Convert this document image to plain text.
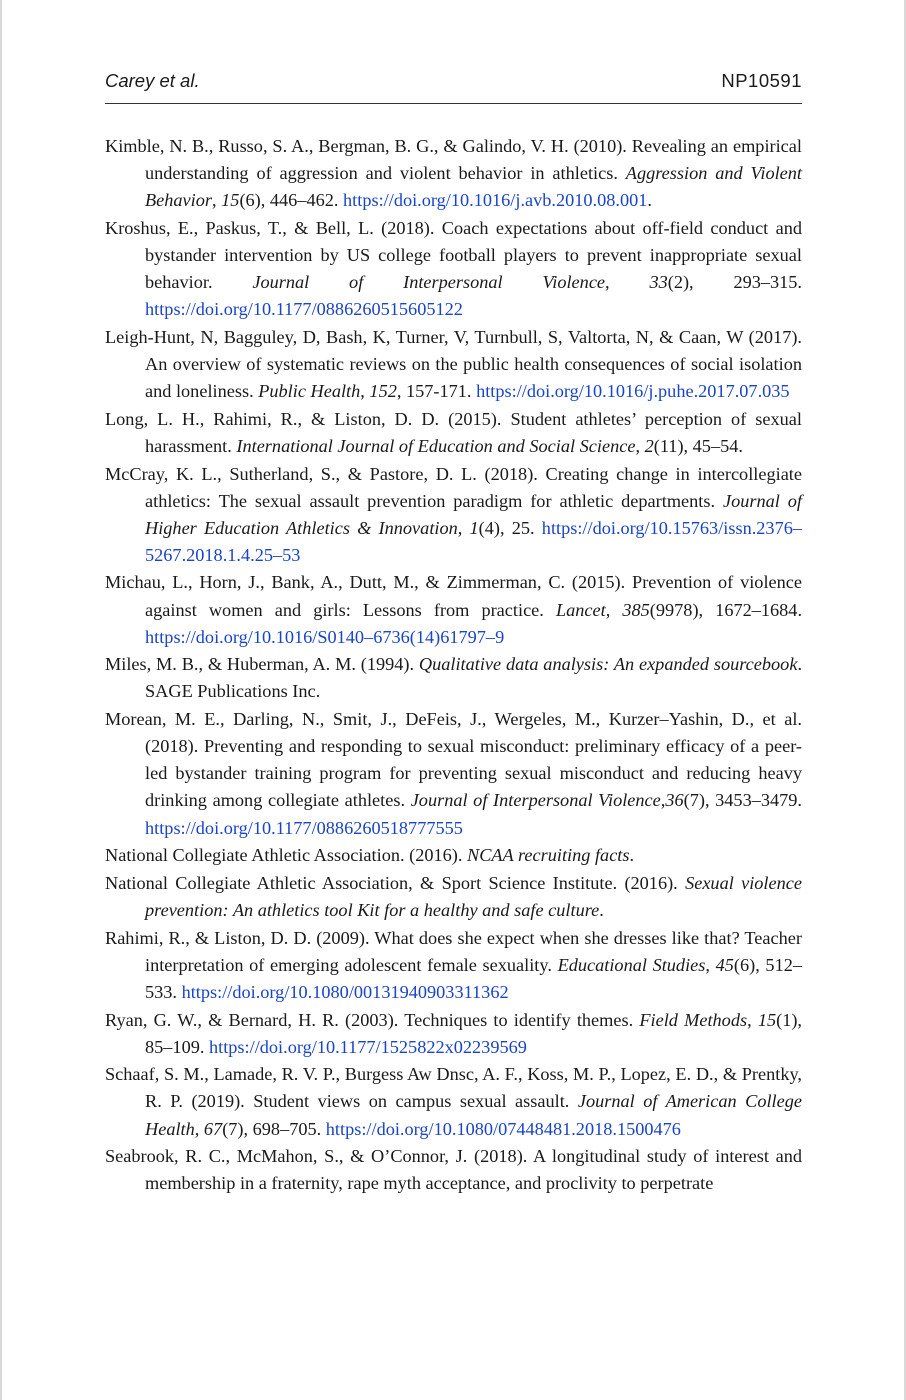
Carey et al.	NP10591

Kimble, N. B., Russo, S. A., Bergman, B. G., & Galindo, V. H. (2010). Revealing an empirical understanding of aggression and violent behavior in athletics. Aggression and Violent Behavior, 15(6), 446–462. https://doi.org/10.1016/j.avb.2010.08.001.

Kroshus, E., Paskus, T., & Bell, L. (2018). Coach expectations about off-field conduct and bystander intervention by US college football players to prevent inappropriate sexual behavior. Journal of Interpersonal Violence, 33(2), 293–315. https://doi.org/10.1177/0886260515605122

Leigh-Hunt, N, Bagguley, D, Bash, K, Turner, V, Turnbull, S, Valtorta, N, & Caan, W (2017). An overview of systematic reviews on the public health consequences of social isolation and loneliness. Public Health, 152, 157-171. https://doi.org/10.1016/j.puhe.2017.07.035

Long, L. H., Rahimi, R., & Liston, D. D. (2015). Student athletes’ perception of sexual harassment. International Journal of Education and Social Science, 2(11), 45–54.

McCray, K. L., Sutherland, S., & Pastore, D. L. (2018). Creating change in intercollegiate athletics: The sexual assault prevention paradigm for athletic departments. Journal of Higher Education Athletics & Innovation, 1(4), 25. https://doi.org/10.15763/issn.2376–5267.2018.1.4.25–53

Michau, L., Horn, J., Bank, A., Dutt, M., & Zimmerman, C. (2015). Prevention of violence against women and girls: Lessons from practice. Lancet, 385(9978), 1672–1684. https://doi.org/10.1016/S0140–6736(14)61797–9

Miles, M. B., & Huberman, A. M. (1994). Qualitative data analysis: An expanded sourcebook. SAGE Publications Inc.

Morean, M. E., Darling, N., Smit, J., DeFeis, J., Wergeles, M., Kurzer–Yashin, D., et al. (2018). Preventing and responding to sexual misconduct: preliminary efficacy of a peer-led bystander training program for preventing sexual misconduct and reducing heavy drinking among collegiate athletes. Journal of Interpersonal Violence,36(7), 3453–3479. https://doi.org/10.1177/0886260518777555

National Collegiate Athletic Association. (2016). NCAA recruiting facts.

National Collegiate Athletic Association, & Sport Science Institute. (2016). Sexual violence prevention: An athletics tool Kit for a healthy and safe culture.

Rahimi, R., & Liston, D. D. (2009). What does she expect when she dresses like that? Teacher interpretation of emerging adolescent female sexuality. Educational Studies, 45(6), 512–533. https://doi.org/10.1080/00131940903311362

Ryan, G. W., & Bernard, H. R. (2003). Techniques to identify themes. Field Methods, 15(1), 85–109. https://doi.org/10.1177/1525822x02239569

Schaaf, S. M., Lamade, R. V. P., Burgess Aw Dnsc, A. F., Koss, M. P., Lopez, E. D., & Prentky, R. P. (2019). Student views on campus sexual assault. Journal of American College Health, 67(7), 698–705. https://doi.org/10.1080/07448481.2018.1500476

Seabrook, R. C., McMahon, S., & O’Connor, J. (2018). A longitudinal study of interest and membership in a fraternity, rape myth acceptance, and proclivity to perpetrate
